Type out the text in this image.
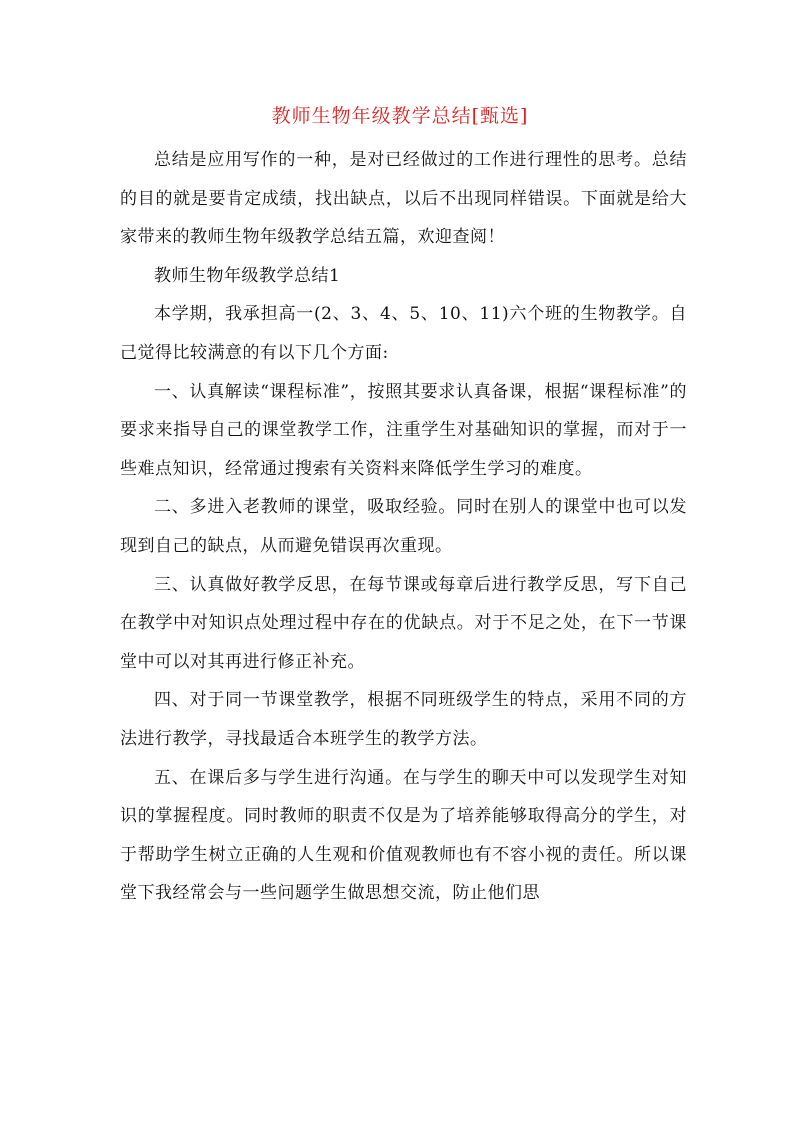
教师生物年级教学总结[甄选]

总结是应用写作的一种，是对已经做过的工作进行理性的思考。总结的目的就是要肯定成绩，找出缺点，以后不出现同样错误。下面就是给大家带来的教师生物年级教学总结五篇，欢迎查阅！

教师生物年级教学总结1

本学期，我承担高一(2、3、4、5、10、11)六个班的生物教学。自己觉得比较满意的有以下几个方面:

一、认真解读“课程标准”，按照其要求认真备课，根据“课程标准”的要求来指导自己的课堂教学工作，注重学生对基础知识的掌握，而对于一些难点知识，经常通过搜索有关资料来降低学生学习的难度。

二、多进入老教师的课堂，吸取经验。同时在别人的课堂中也可以发现到自己的缺点，从而避免错误再次重现。

三、认真做好教学反思，在每节课或每章后进行教学反思，写下自己在教学中对知识点处理过程中存在的优缺点。对于不足之处，在下一节课堂中可以对其再进行修正补充。

四、对于同一节课堂教学，根据不同班级学生的特点，采用不同的方法进行教学，寻找最适合本班学生的教学方法。

五、在课后多与学生进行沟通。在与学生的聊天中可以发现学生对知识的掌握程度。同时教师的职责不仅是为了培养能够取得高分的学生，对于帮助学生树立正确的人生观和价值观教师也有不容小视的责任。所以课堂下我经常会与一些问题学生做思想交流，防止他们思
